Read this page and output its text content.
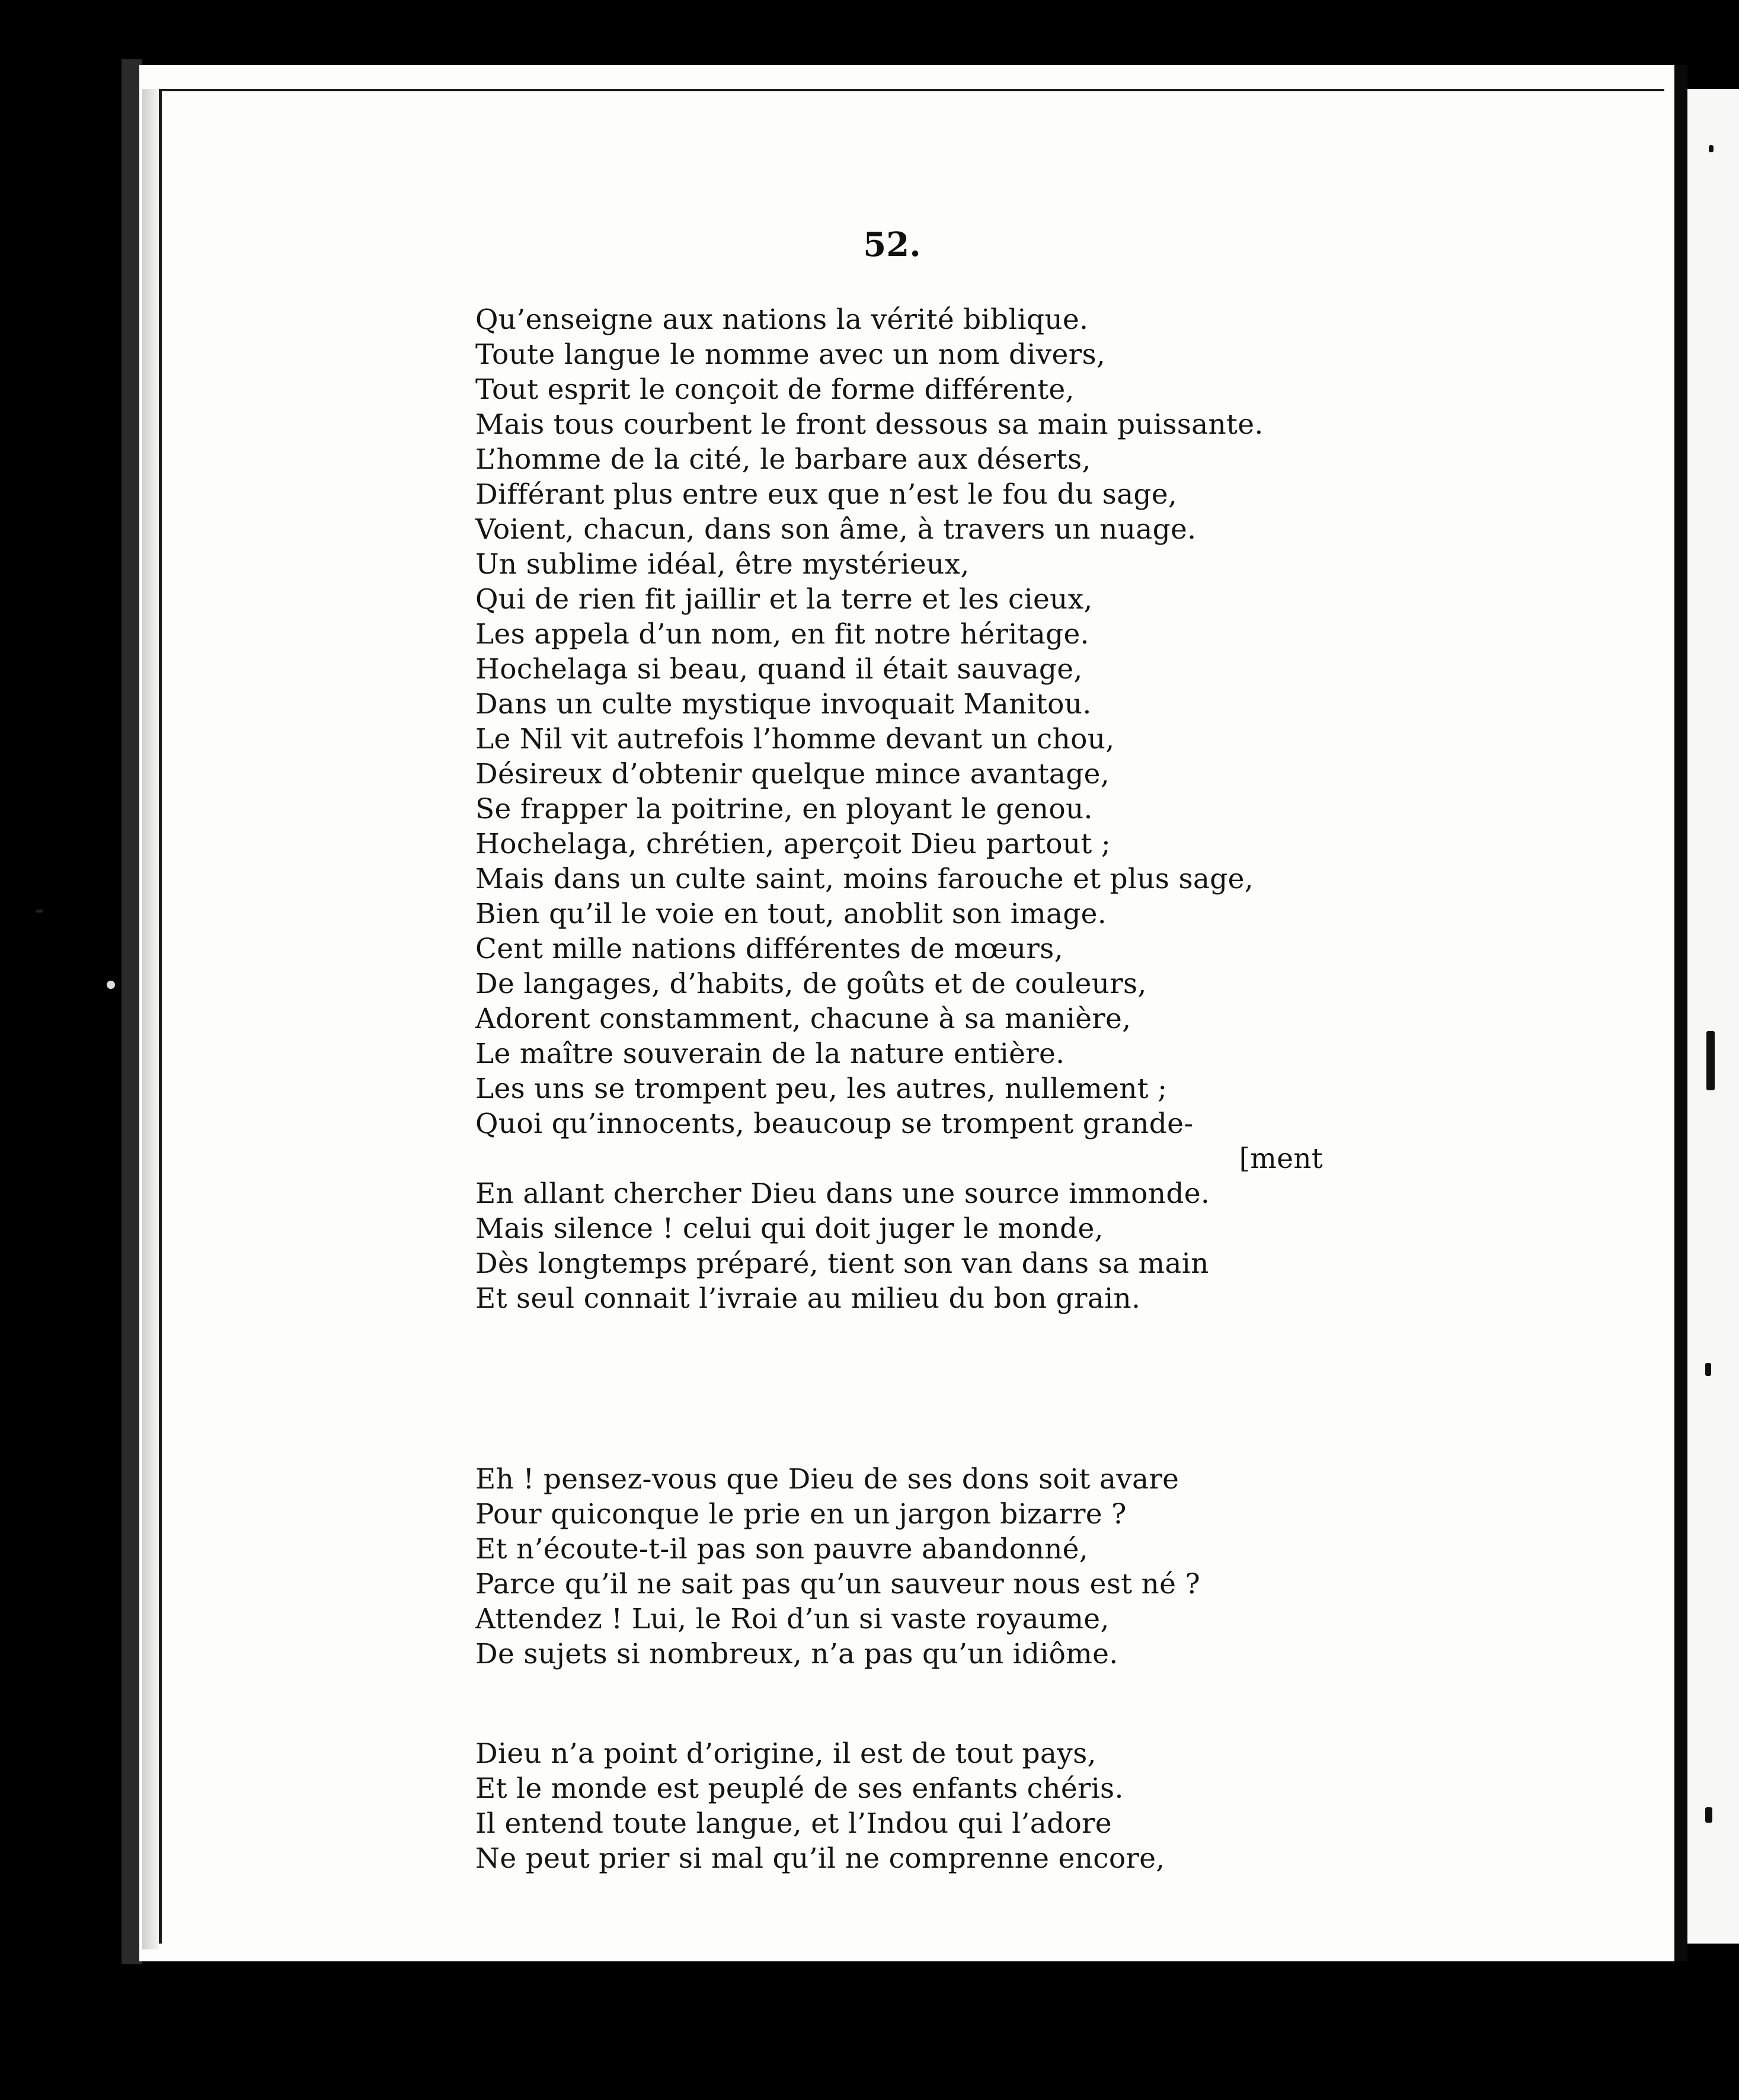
52.
Qu’enseigne aux nations la vérité biblique.
Toute langue le nomme avec un nom divers,
Tout esprit le conçoit de forme différente,
Mais tous courbent le front dessous sa main puissante.
L’homme de la cité, le barbare aux déserts,
Différant plus entre eux que n’est le fou du sage,
Voient, chacun, dans son âme, à travers un nuage.
Un sublime idéal, être mystérieux,
Qui de rien fit jaillir et la terre et les cieux,
Les appela d’un nom, en fit notre héritage.
Hochelaga si beau, quand il était sauvage,
Dans un culte mystique invoquait Manitou.
Le Nil vit autrefois l’homme devant un chou,
Désireux d’obtenir quelque mince avantage,
Se frapper la poitrine, en ployant le genou.
Hochelaga, chrétien, aperçoit Dieu partout ;
Mais dans un culte saint, moins farouche et plus sage,
Bien qu’il le voie en tout, anoblit son image.
Cent mille nations différentes de mœurs,
De langages, d’habits, de goûts et de couleurs,
Adorent constamment, chacune à sa manière,
Le maître souverain de la nature entière.
Les uns se trompent peu, les autres, nullement ;
Quoi qu’innocents, beaucoup se trompent grande-
[ment
En allant chercher Dieu dans une source immonde.
Mais silence ! celui qui doit juger le monde,
Dès longtemps préparé, tient son van dans sa main
Et seul connait l’ivraie au milieu du bon grain.
Eh ! pensez-vous que Dieu de ses dons soit avare
Pour quiconque le prie en un jargon bizarre ?
Et n’écoute-t-il pas son pauvre abandonné,
Parce qu’il ne sait pas qu’un sauveur nous est né ?
Attendez ! Lui, le Roi d’un si vaste royaume,
De sujets si nombreux, n’a pas qu’un idiôme.
Dieu n’a point d’origine, il est de tout pays,
Et le monde est peuplé de ses enfants chéris.
Il entend toute langue, et l’Indou qui l’adore
Ne peut prier si mal qu’il ne comprenne encore,
